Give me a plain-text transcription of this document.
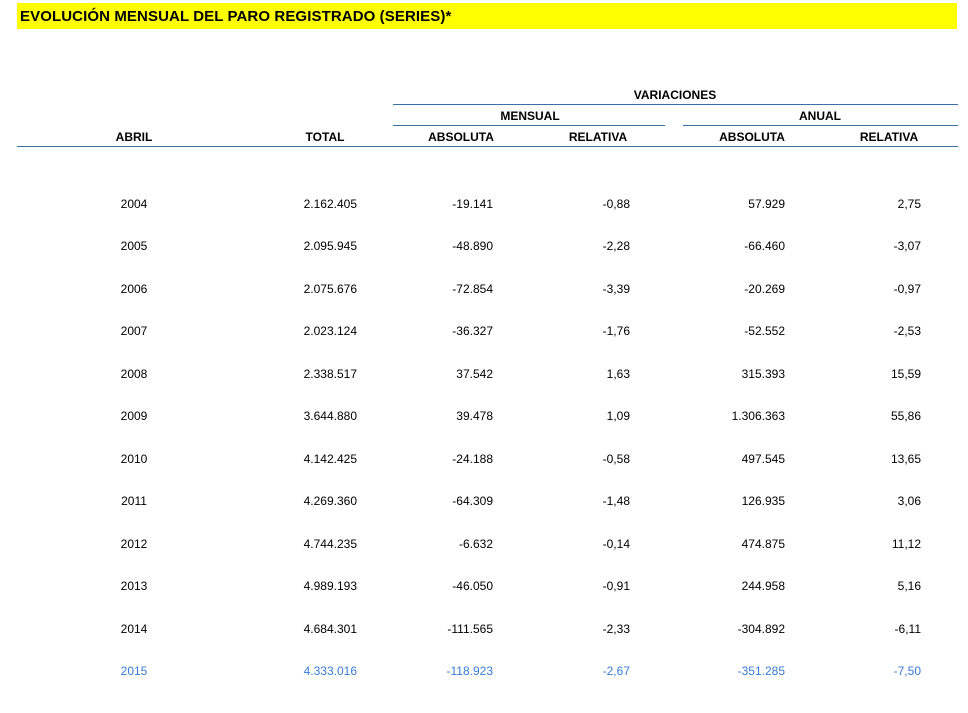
EVOLUCIÓN MENSUAL DEL PARO REGISTRADO (SERIES)*
VARIACIONES
MENSUAL	ANUAL
ABRIL	TOTAL	ABSOLUTA	RELATIVA	ABSOLUTA	RELATIVA
2004	2.162.405	-19.141	-0,88	57.929	2,75
2005	2.095.945	-48.890	-2,28	-66.460	-3,07
2006	2.075.676	-72.854	-3,39	-20.269	-0,97
2007	2.023.124	-36.327	-1,76	-52.552	-2,53
2008	2.338.517	37.542	1,63	315.393	15,59
2009	3.644.880	39.478	1,09	1.306.363	55,86
2010	4.142.425	-24.188	-0,58	497.545	13,65
2011	4.269.360	-64.309	-1,48	126.935	3,06
2012	4.744.235	-6.632	-0,14	474.875	11,12
2013	4.989.193	-46.050	-0,91	244.958	5,16
2014	4.684.301	-111.565	-2,33	-304.892	-6,11
2015	4.333.016	-118.923	-2,67	-351.285	-7,50
